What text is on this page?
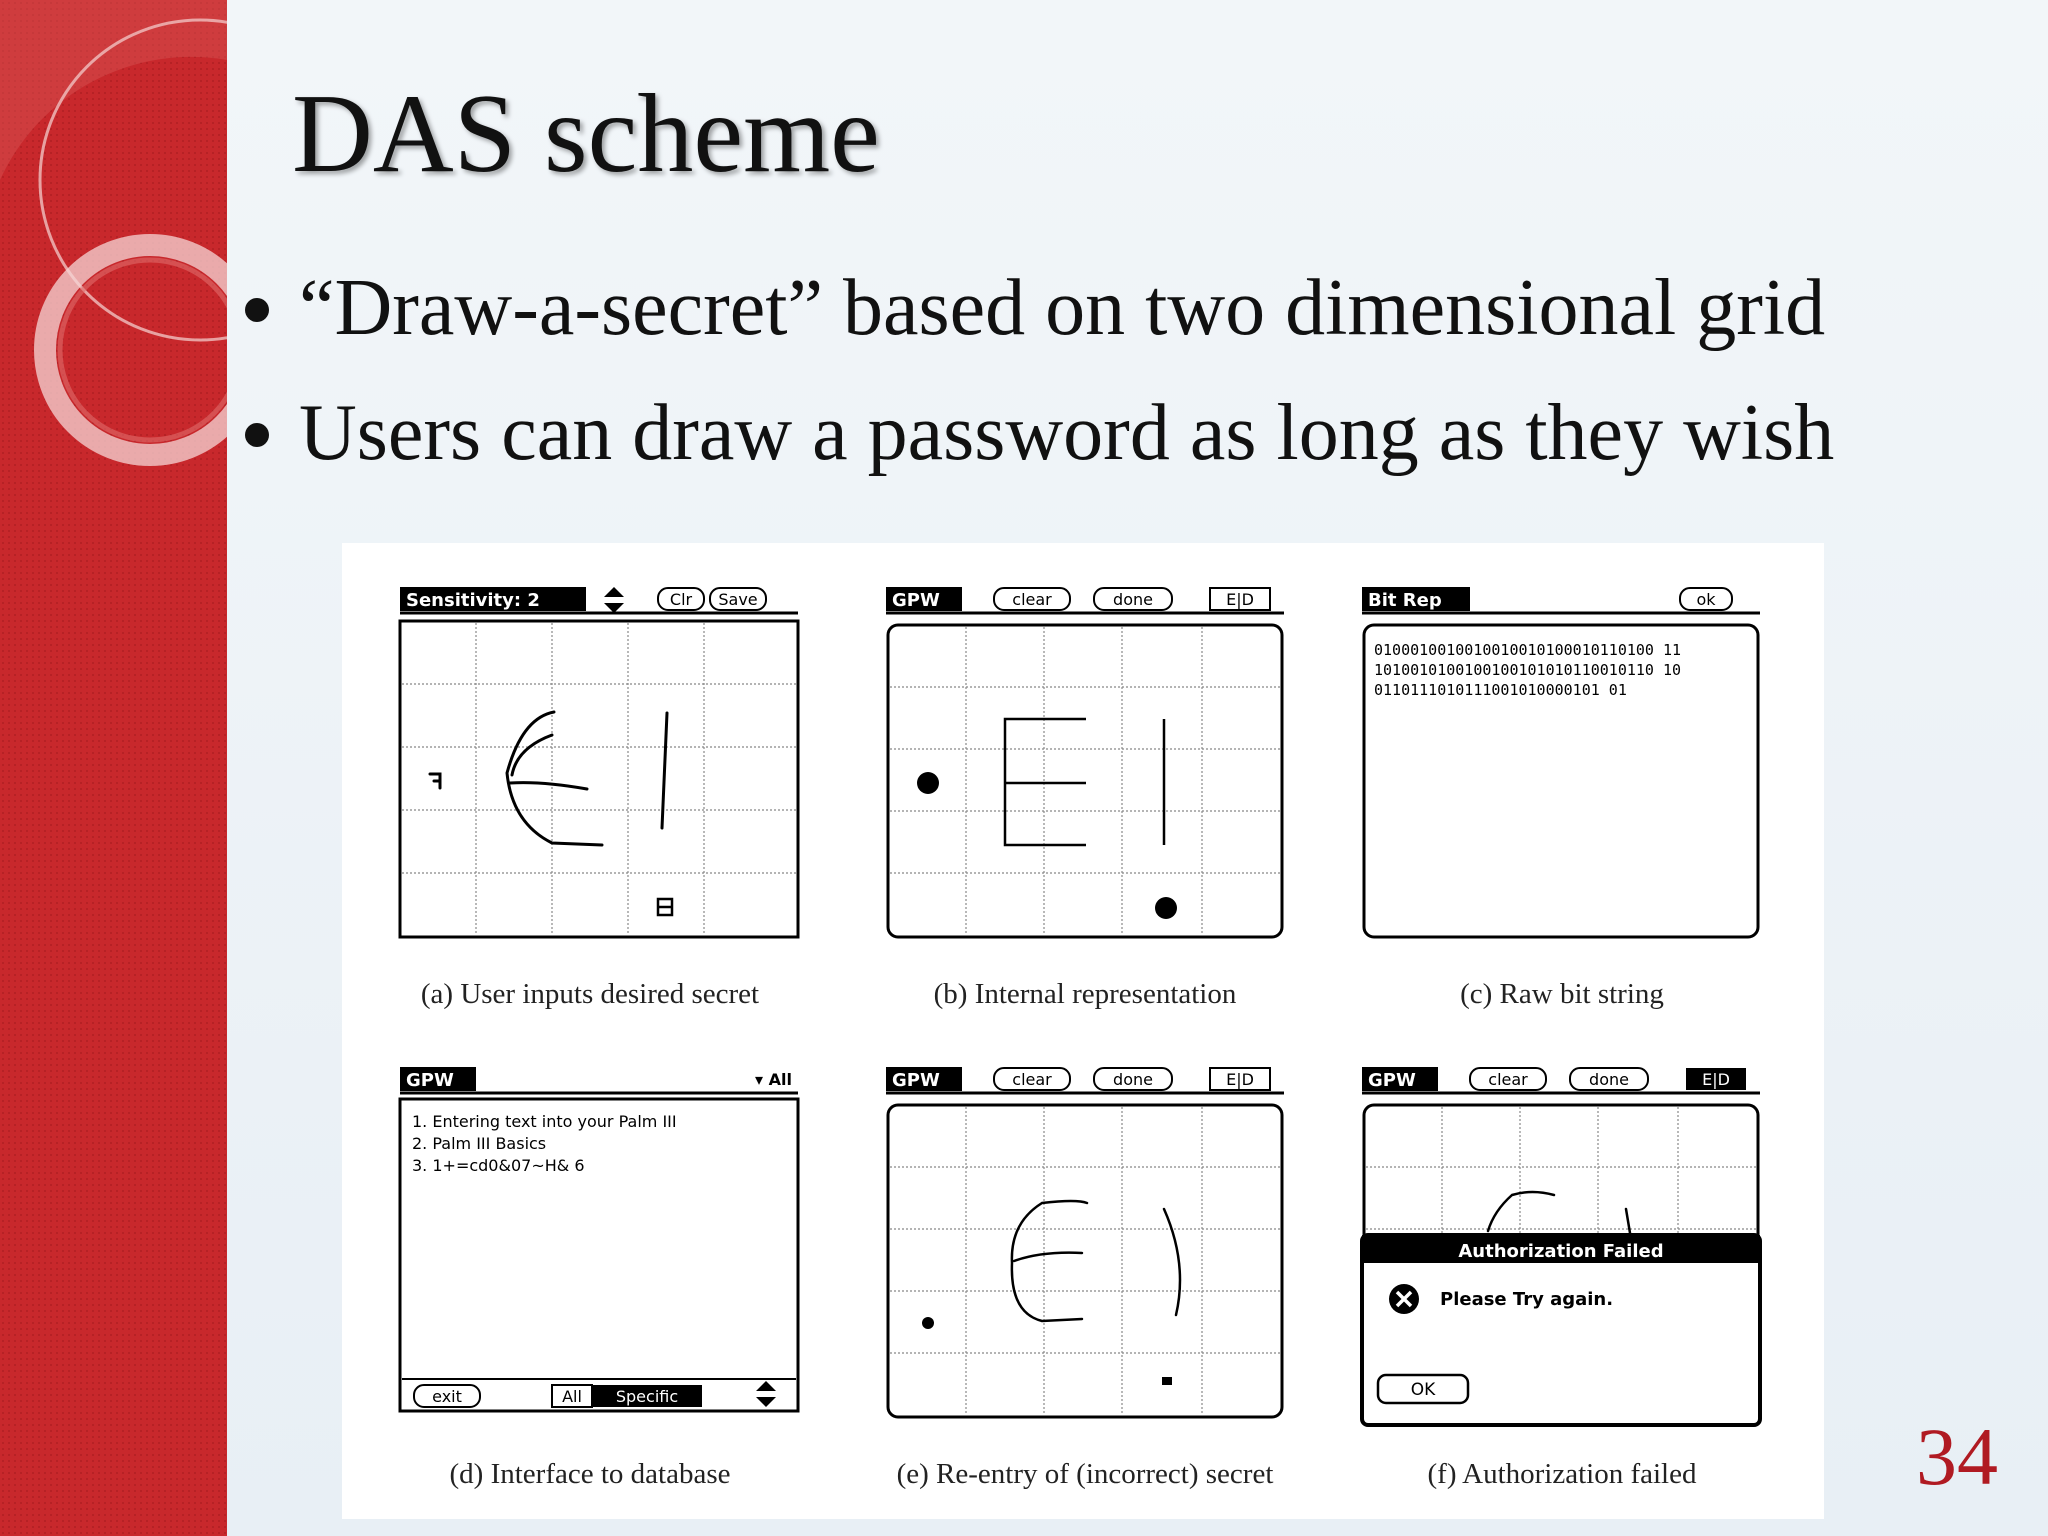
DAS scheme
“Draw-a-secret” based on two dimensional grid
Users can draw a password as long as they wish
Sensitivity: 2	Clr Save
(a) User inputs desired secret
GPW	clear	done	E|D
(b) Internal representation
Bit Rep	ok
0100010010010010010100010110100 11
1010010100100100101010110010110 10
0110111010111001010000101 01
(c) Raw bit string
GPW	▾ All
1. Entering text into your Palm III
2. Palm III Basics
3. 1+=cd0&07~H& 6
exit	All Specific
(d) Interface to database
GPW	clear	done	E|D
(e) Re-entry of (incorrect) secret
GPW	clear	done	E|D
Authorization Failed
Please Try again.
OK
(f) Authorization failed	34
